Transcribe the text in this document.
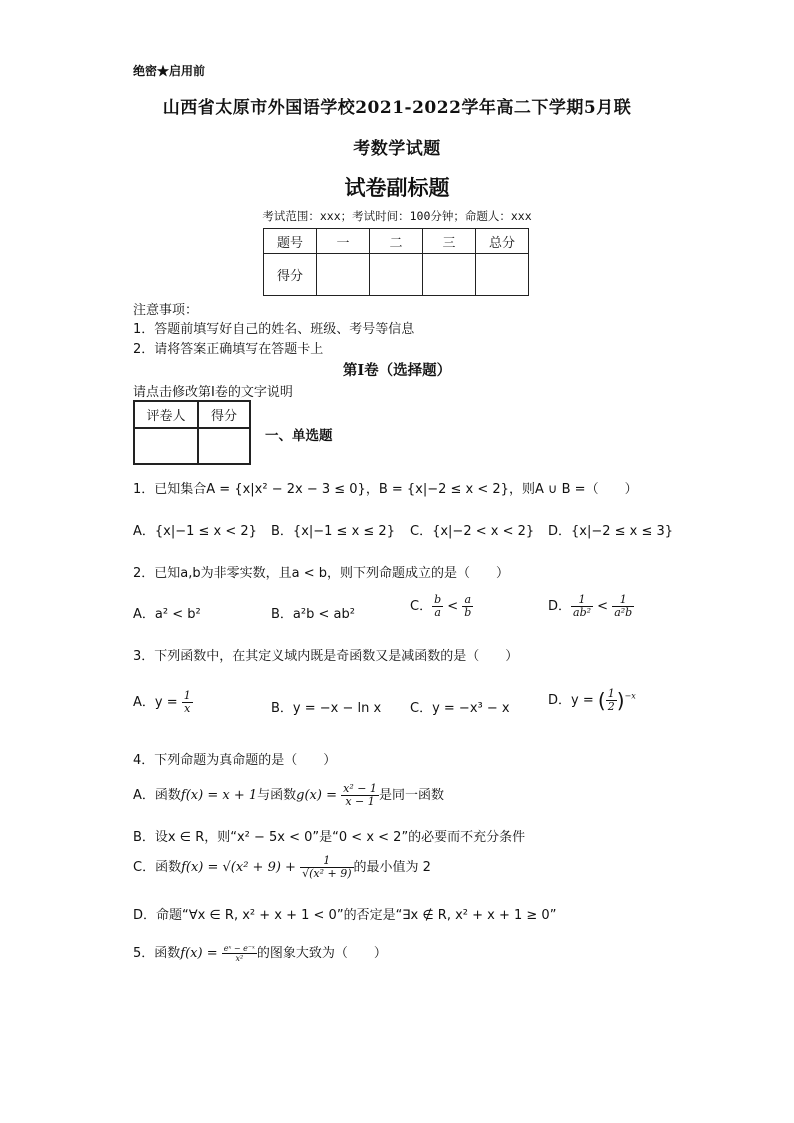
绝密★启用前
山西省太原市外国语学校2021-2022学年高二下学期5月联
考数学试题
试卷副标题
考试范围：xxx；考试时间：100分钟；命题人：xxx
题号	一	二	三	总分
得分				
注意事项：
1．答题前填写好自己的姓名、班级、考号等信息
2．请将答案正确填写在答题卡上
第I卷（选择题）
请点击修改第I卷的文字说明
评卷人	得分

一、单选题
1．已知集合A = {x|x² − 2x − 3 ≤ 0}，B = {x|−2 ≤ x < 2}，则A ∪ B =（　　）
A．{x|−1 ≤ x < 2} B．{x|−1 ≤ x ≤ 2} C．{x|−2 < x < 2} D．{x|−2 ≤ x ≤ 3}
2．已知a,b为非零实数，且a < b，则下列命题成立的是（　　）
A．a² < b²	B．a²b < ab²
C． $\frac{b}{a} < \frac{a}{b}$	D． $\frac{1}{\text{ab²}} < \frac{1}{\text{a²b}}$
3．下列函数中，在其定义域内既是奇函数又是减函数的是（　　）
A．$y = \frac{1}{x}$	B．y = −x − ln x C．y = −x³ − x
D．y = ( $\frac{1}{2} )^{-x}$
4．下列命题为真命题的是（　　）
A．函数f(x) = x + 1与函数$g(x) = \frac{\text{x² − 1}}{x - 1}$ 是同一函数
B．设x ∈ R，则“x² − 5x < 0”是“0 < x < 2”的必要而不充分条件
C．函数$f(x) = √(x^2 + 9) + \frac{1}{\text{√(x² + 9)}}$ 的最小值为 2
D．命题“∀x ∈ R, x² + x + 1 < 0”的否定是“∃x ∉ R, x² + x + 1 ≥ 0”
5．函数$f(x) = \frac{\text{eˣ − e⁻ˣ}}{\text{x²}}$ 的图象大致为（　　）
